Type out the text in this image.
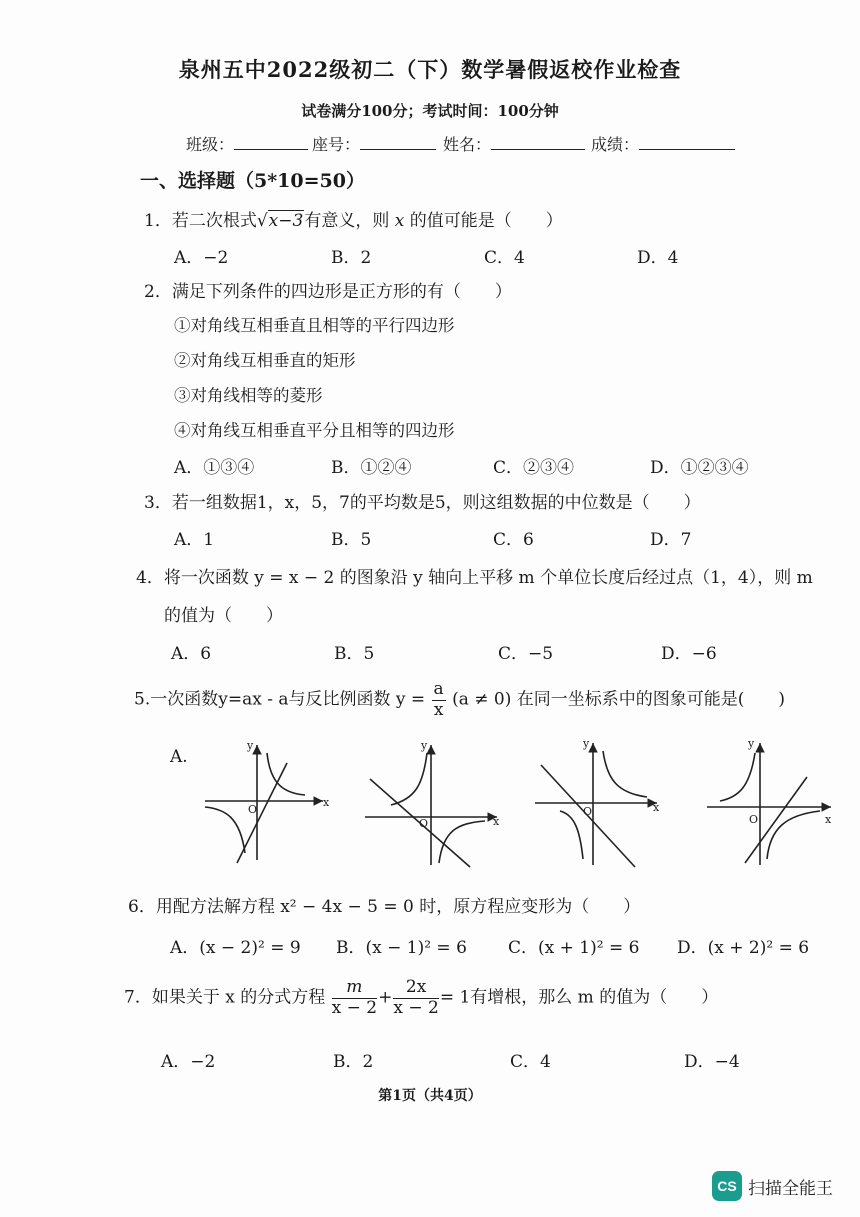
泉州五中2022级初二（下）数学暑假返校作业检查
试卷满分100分；考试时间：100分钟
班级：	座号：	姓名：	成绩：
一、选择题（5*10=50）
1．若二次根式√x−3有意义，则 x 的值可能是（　　）
A．−2	B．2	C．4	D．4
2．满足下列条件的四边形是正方形的有（　　）
①对角线互相垂直且相等的平行四边形
②对角线互相垂直的矩形
③对角线相等的菱形
④对角线互相垂直平分且相等的四边形
A．①③④	B．①②④	C．②③④	D．①②③④
3．若一组数据1，x，5，7的平均数是5，则这组数据的中位数是（　　）
A．1	B．5	C．6	D．7
4．将一次函数 y = x − 2 的图象沿 y 轴向上平移 m 个单位长度后经过点（1，4），则 m
的值为（　　）
A．6	B．5	C．−5	D．−6
5.一次函数y=ax - a与反比例函数 $y = \frac{a}{x} (a \ne 0)$ 在同一坐标系中的图象可能是(　　)
A.
y
x
O
y
x
O
y
x
O
y
x
O
6．用配方法解方程 x² − 4x − 5 = 0 时，原方程应变形为（　　）
A．(x − 2)² = 9 B．(x − 1)² = 6 C．(x + 1)² = 6 D．(x + 2)² = 6
7．如果关于 x 的分式方程 $\frac{m}{x - 2} + \frac{2x}{x - 2} = 1$有增根，那么 m 的值为（　　）
A．−2	B．2	C．4	D．−4
第1页（共4页）
CS 扫描全能王
